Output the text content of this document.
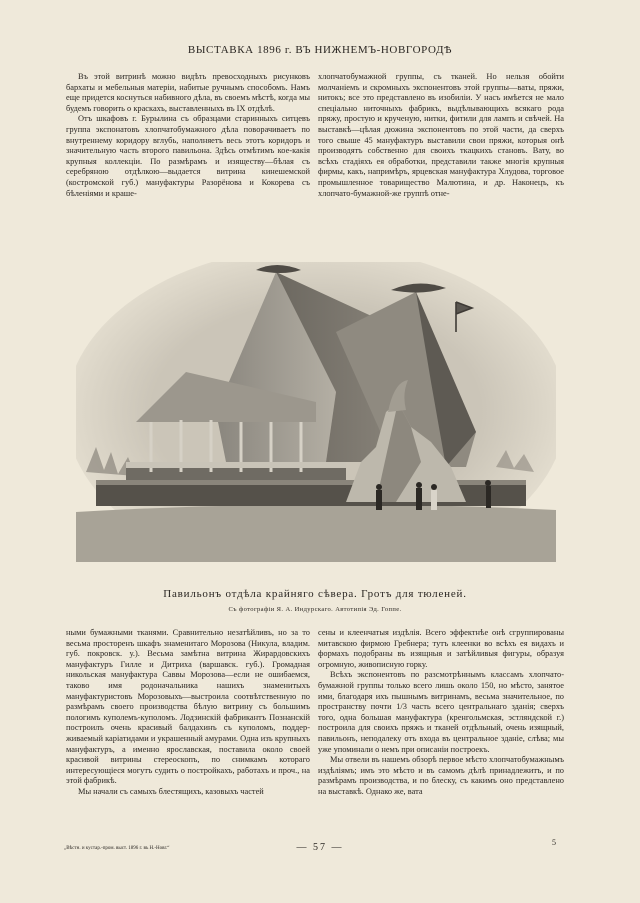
ВЫСТАВКА 1896 г. ВЪ НИЖНЕМЪ-НОВГОРОДѢ

Въ этой витринѣ можно видѣть превосходныхъ рисунковъ бархаты и мебельныя матеріи, набитые ручнымъ способомъ. Намъ еще придется коснуться набивного дѣла, въ своемъ мѣстѣ, когда мы будемъ говорить о краскахъ, выставленныхъ въ IX отдѣлѣ.

Отъ шкафовъ г. Бурылина съ образцами старинныхъ ситцевъ группа экспонатовъ хлопчатобумажного дѣла поворачиваетъ по внутреннему коридору вглубь, наполняетъ весь этотъ коридоръ и значительную часть второго павильона. Здѣсь отмѣтимъ кое-какія крупныя коллекціи. По размѣрамъ и изяществу—бѣлая съ серебряною отдѣлкою—выдается витрина кинешемской (костромской губ.) мануфактуры Разорёнова и Кокорева съ бѣленіями и краше-

хлопчатобумажной группы, съ тканей. Но нельзя обойти молчаніемъ и скромныхъ экспонентовъ этой группы—ваты, пряжи, нитокъ; все это представлено въ изобиліи. У насъ имѣется не мало спеціально ниточныхъ фабрикъ, выдѣлывающихъ всякаго рода пряжу, простую и крученую, нитки, фитили для лампъ и свѣчей. На выставкѣ—цѣлая дюжина экспонентовъ по этой части, да сверхъ того свыше 45 мануфактуръ выставили свои пряжи, которыя онѣ производятъ собственно для своихъ ткацкихъ становъ. Вату, во всѣхъ стадіяхъ ея обработки, представили также многія крупныя фирмы, какъ, напримѣръ, ярцевская мануфактура Хлудова, торговое промышленное товарищество Малютина, и др. Наконецъ, къ хлопчато-бумажной-же группѣ отне-

Павильонъ отдѣла крайняго сѣвера. Гротъ для тюленей.
Съ фотографіи Я. А. Индурскаго. Автотипія Эд. Гоппе.

ными бумажными тканями. Сравнительно незатѣйливъ, но за то весьма просторенъ шкафъ знаменитаго Морозова (Никула, владим. губ. покровск. у.). Весьма замѣтна витрина Жирардовскихъ мануфактуръ Гилле и Дитриха (варшавск. губ.). Громадная никольская мануфактура Саввы Морозова—если не ошибаемся, таково имя родоначальника нашихъ знаменитыхъ мануфактуристовъ Морозовыхъ—выстроила соотвѣтственную по размѣрамъ своего производства бѣлую витрину съ большимъ пологимъ куполемъ-куполомъ. Лодзинскій фабрикантъ Познанскій построилъ очень красивый балдахинъ съ куполомъ, поддерживаемый каріатидами и украшенный амурами. Одна изъ крупныхъ мануфактуръ, а именно ярославская, поставила около своей красивой витрины стереоскопъ, по снимкамъ котораго интересующіеся могутъ судить о постройкахъ, работахъ и проч., на этой фабрикѣ.

Мы начали съ самыхъ блестящихъ, казовыхъ частей

сены и клеенчатыя издѣлія. Всего эффектнѣе онѣ сгруппированы митавскою фирмою Гребнера; тутъ клеенки во всѣхъ ея видахъ и формахъ подобраны въ изящныя и затѣйливыя фигуры, образуя огромную, живописную горку.

Всѣхъ экспонентовъ по разсмотрѣннымъ классамъ хлопчато-бумажной группы только всего лишь около 150, но мѣсто, занятое ими, благодаря ихъ пышнымъ витринамъ, весьма значительное, по пространству почти 1/3 часть всего центральнаго зданія; сверхъ того, одна большая мануфактура (кренгольмская, эстляндской г.) построила для своихъ пряжъ и тканей отдѣльный, очень изящный, павильонъ, неподалеку отъ входа въ центральное зданіе, слѣва; мы уже упоминали о немъ при описаніи построекъ.

Мы отвели въ нашемъ обзорѣ первое мѣсто хлопчатобумажнымъ издѣліямъ; имъ это мѣсто и въ самомъ дѣлѣ принадлежитъ, и по размѣрамъ производства, и по блеску, съ какимъ оно представлено на выставкѣ. Однако же, вата

„Вѣстн. и кустар.-пром. выст. 1896 г. въ Н.-Новг.“	— 57 —	5
